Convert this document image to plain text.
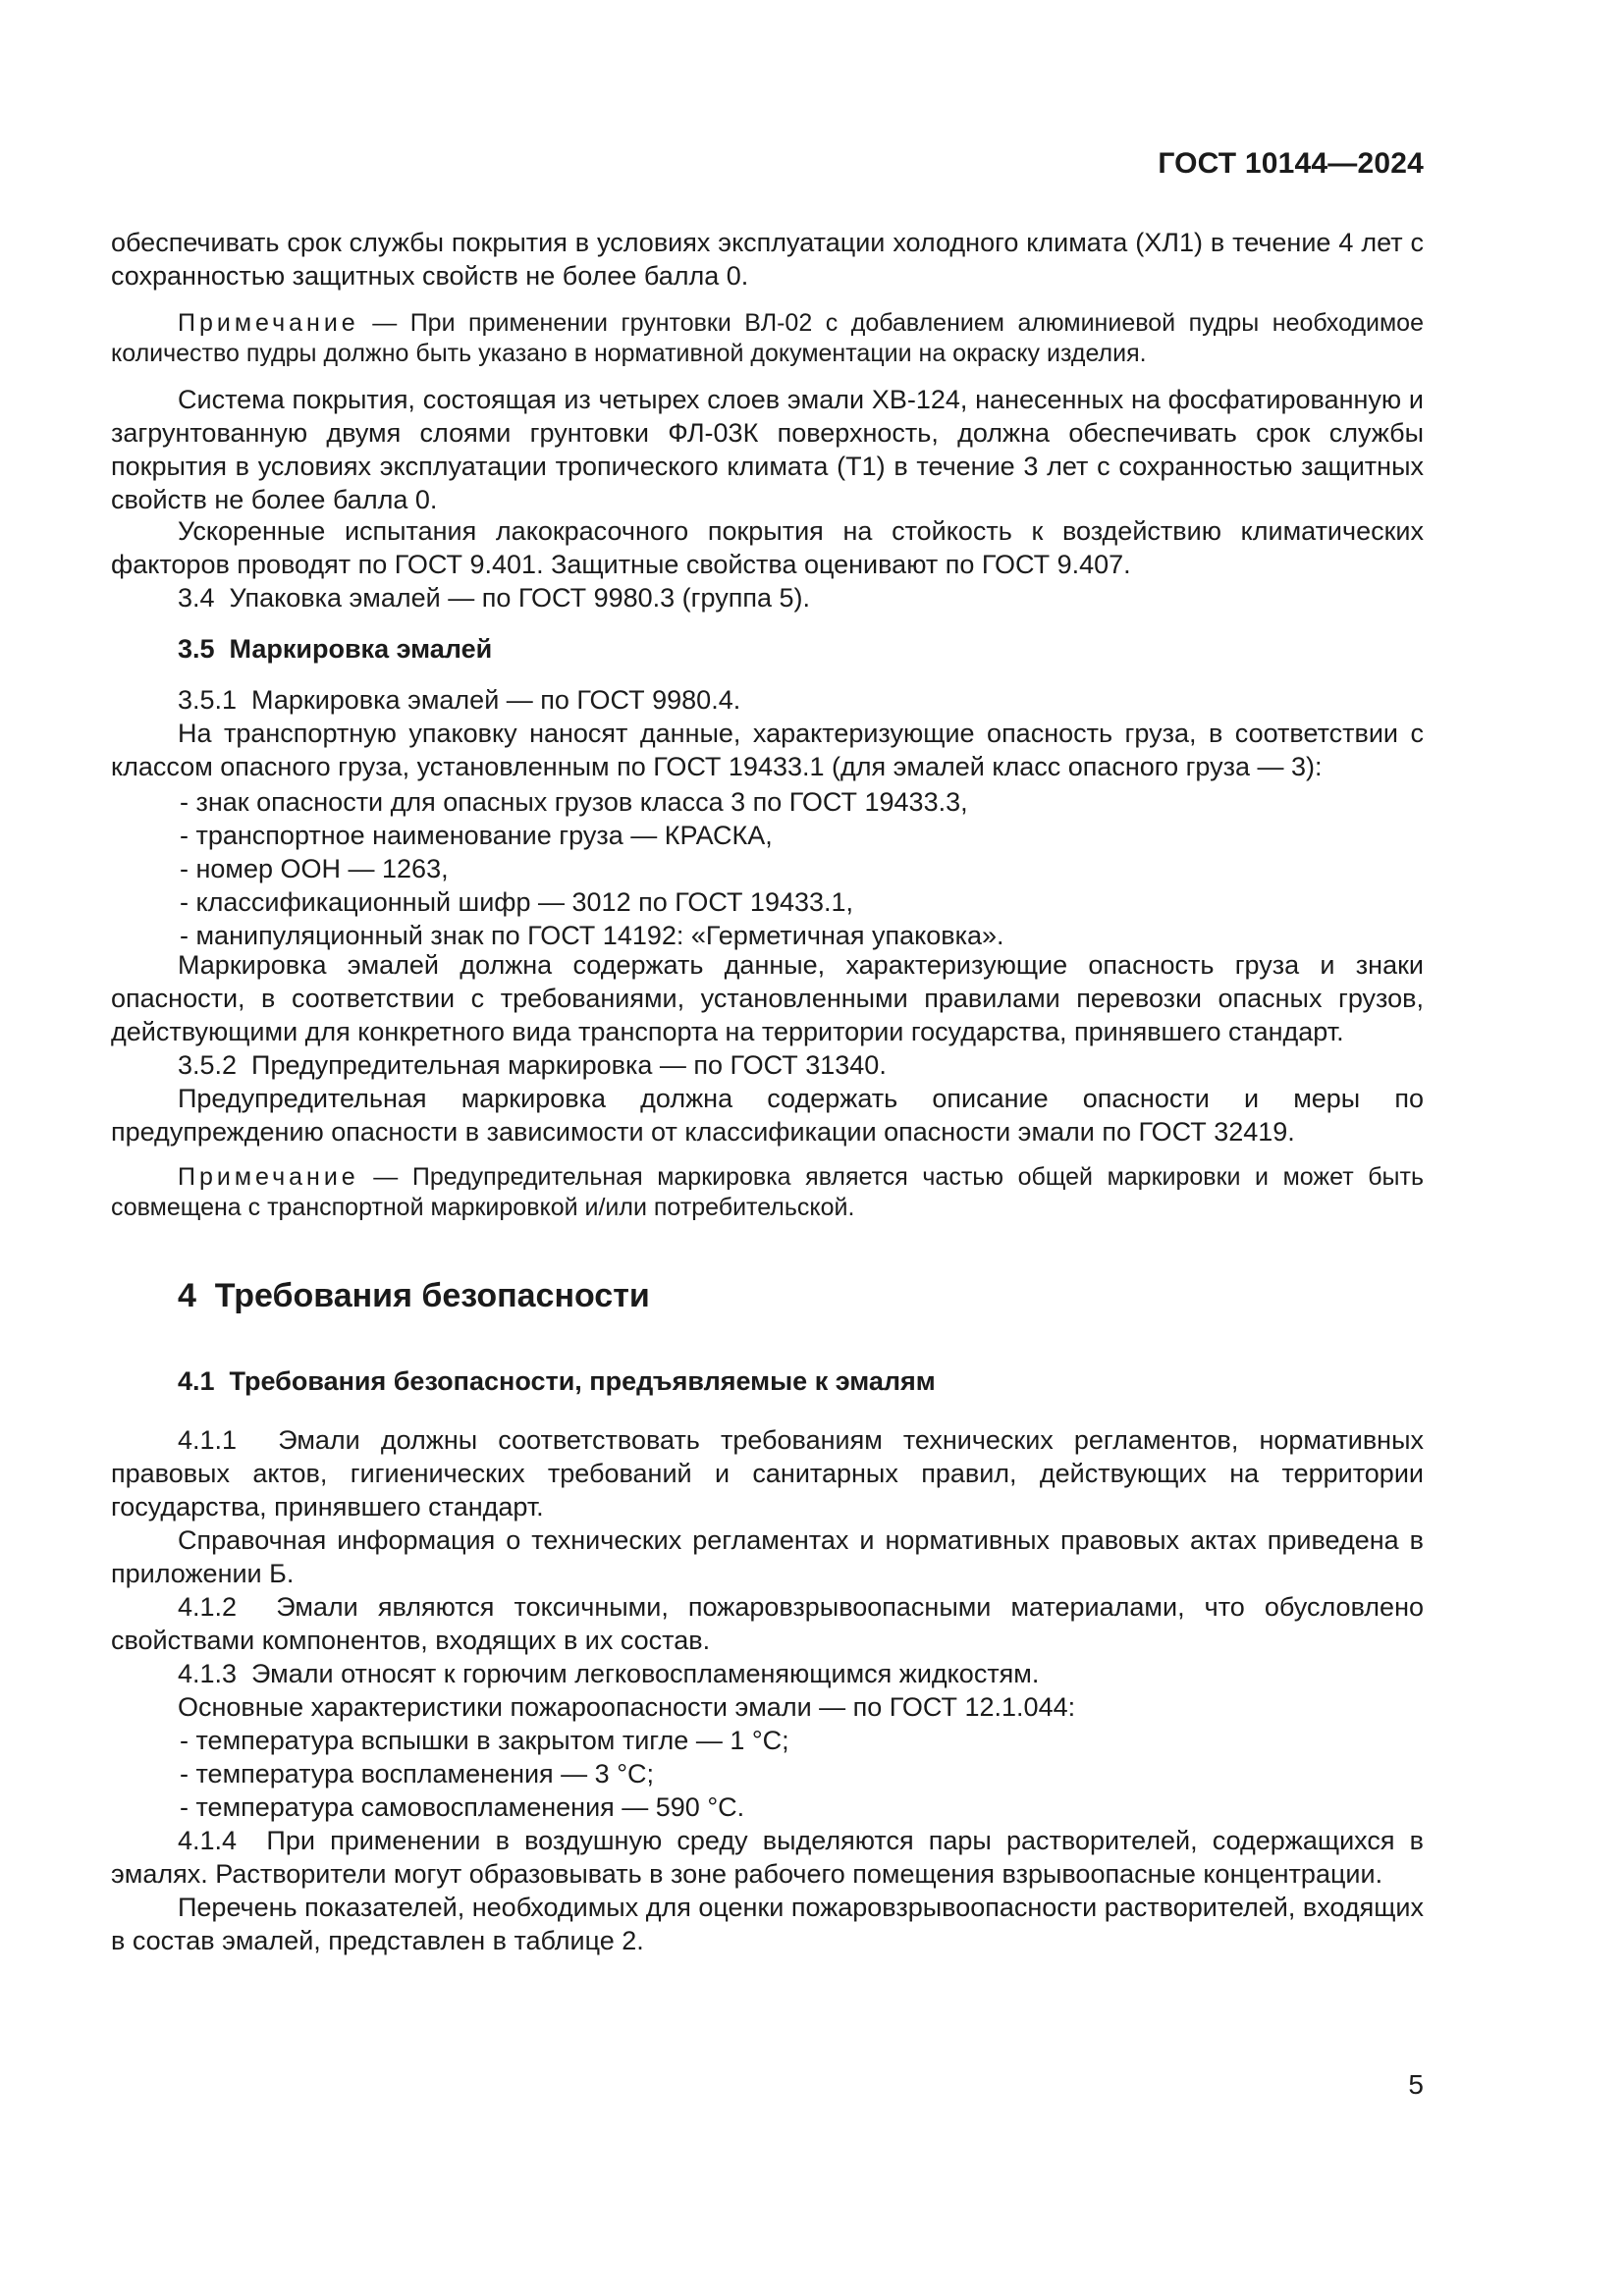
ГОСТ 10144—2024

обеспечивать срок службы покрытия в условиях эксплуатации холодного климата (ХЛ1) в течение 4 лет с сохранностью защитных свойств не более балла 0.

Примечание — При применении грунтовки ВЛ-02 с добавлением алюминиевой пудры необходимое количество пудры должно быть указано в нормативной документации на окраску изделия.

Система покрытия, состоящая из четырех слоев эмали ХВ-124, нанесенных на фосфатированную и загрунтованную двумя слоями грунтовки ФЛ-03К поверхность, должна обеспечивать срок службы покрытия в условиях эксплуатации тропического климата (Т1) в течение 3 лет с сохранностью защитных свойств не более балла 0.

Ускоренные испытания лакокрасочного покрытия на стойкость к воздействию климатических факторов проводят по ГОСТ 9.401. Защитные свойства оценивают по ГОСТ 9.407.

3.4  Упаковка эмалей — по ГОСТ 9980.3 (группа 5).

3.5  Маркировка эмалей

3.5.1  Маркировка эмалей — по ГОСТ 9980.4.

На транспортную упаковку наносят данные, характеризующие опасность груза, в соответствии с классом опасного груза, установленным по ГОСТ 19433.1 (для эмалей класс опасного груза — 3):

- знак опасности для опасных грузов класса 3 по ГОСТ 19433.3,

- транспортное наименование груза — КРАСКА,

- номер ООН — 1263,

- классификационный шифр — 3012 по ГОСТ 19433.1,

- манипуляционный знак по ГОСТ 14192: «Герметичная упаковка».

Маркировка эмалей должна содержать данные, характеризующие опасность груза и знаки опасности, в соответствии с требованиями, установленными правилами перевозки опасных грузов, действующими для конкретного вида транспорта на территории государства, принявшего стандарт.

3.5.2  Предупредительная маркировка — по ГОСТ 31340.

Предупредительная маркировка должна содержать описание опасности и меры по предупреждению опасности в зависимости от классификации опасности эмали по ГОСТ 32419.

Примечание — Предупредительная маркировка является частью общей маркировки и может быть совмещена с транспортной маркировкой и/или потребительской.

4  Требования безопасности
4.1  Требования безопасности, предъявляемые к эмалям

4.1.1  Эмали должны соответствовать требованиям технических регламентов, нормативных правовых актов, гигиенических требований и санитарных правил, действующих на территории государства, принявшего стандарт.

Справочная информация о технических регламентах и нормативных правовых актах приведена в приложении Б.

4.1.2  Эмали являются токсичными, пожаровзрывоопасными материалами, что обусловлено свойствами компонентов, входящих в их состав.

4.1.3  Эмали относят к горючим легковоспламеняющимся жидкостям.

Основные характеристики пожароопасности эмали — по ГОСТ 12.1.044:

- температура вспышки в закрытом тигле — 1 °С;

- температура воспламенения — 3 °С;

- температура самовоспламенения — 590 °С.

4.1.4  При применении в воздушную среду выделяются пары растворителей, содержащихся в эмалях. Растворители могут образовывать в зоне рабочего помещения взрывоопасные концентрации.

Перечень показателей, необходимых для оценки пожаровзрывоопасности растворителей, входящих в состав эмалей, представлен в таблице 2.

5
